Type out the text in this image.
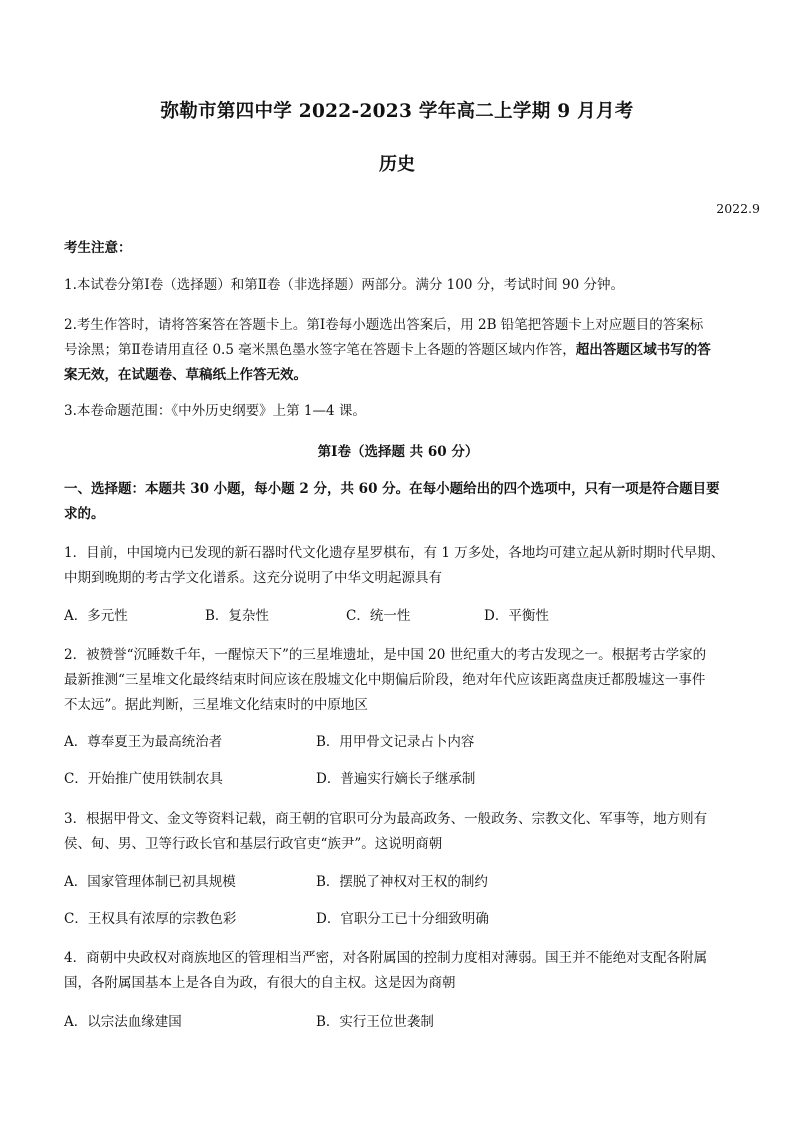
弥勒市第四中学 2022-2023 学年高二上学期 9 月月考
历史
2022.9
考生注意：
1.本试卷分第Ⅰ卷（选择题）和第Ⅱ卷（非选择题）两部分。满分 100 分，考试时间 90 分钟。
2.考生作答时，请将答案答在答题卡上。第Ⅰ卷每小题选出答案后，用 2B 铅笔把答题卡上对应题目的答案标
号涂黑；第Ⅱ卷请用直径 0.5 毫米黑色墨水签字笔在答题卡上各题的答题区域内作答，超出答题区域书写的答
案无效，在试题卷、草稿纸上作答无效。
3.本卷命题范围：《中外历史纲要》上第 1—4 课。
第Ⅰ卷（选择题 共 60 分）
一、选择题：本题共 30 小题，每小题 2 分，共 60 分。在每小题给出的四个选项中，只有一项是符合题目要
求的。
1．目前，中国境内已发现的新石器时代文化遗存星罗棋布，有 1 万多处，各地均可建立起从新时期时代早期、
中期到晚期的考古学文化谱系。这充分说明了中华文明起源具有
A．多元性	B．复杂性	C．统一性	D．平衡性
2．被赞誉“沉睡数千年，一醒惊天下”的三星堆遗址，是中国 20 世纪重大的考古发现之一。根据考古学家的
最新推测“三星堆文化最终结束时间应该在殷墟文化中期偏后阶段，绝对年代应该距离盘庚迁都殷墟这一事件
不太远”。据此判断，三星堆文化结束时的中原地区
A．尊奉夏王为最高统治者	B．用甲骨文记录占卜内容
C．开始推广使用铁制农具	D．普遍实行嫡长子继承制
3．根据甲骨文、金文等资料记载，商王朝的官职可分为最高政务、一般政务、宗教文化、军事等，地方则有
侯、甸、男、卫等行政长官和基层行政官吏“族尹”。这说明商朝
A．国家管理体制已初具规模	B．摆脱了神权对王权的制约
C．王权具有浓厚的宗教色彩	D．官职分工已十分细致明确
4．商朝中央政权对商族地区的管理相当严密，对各附属国的控制力度相对薄弱。国王并不能绝对支配各附属
国，各附属国基本上是各自为政，有很大的自主权。这是因为商朝
A．以宗法血缘建国	B．实行王位世袭制
